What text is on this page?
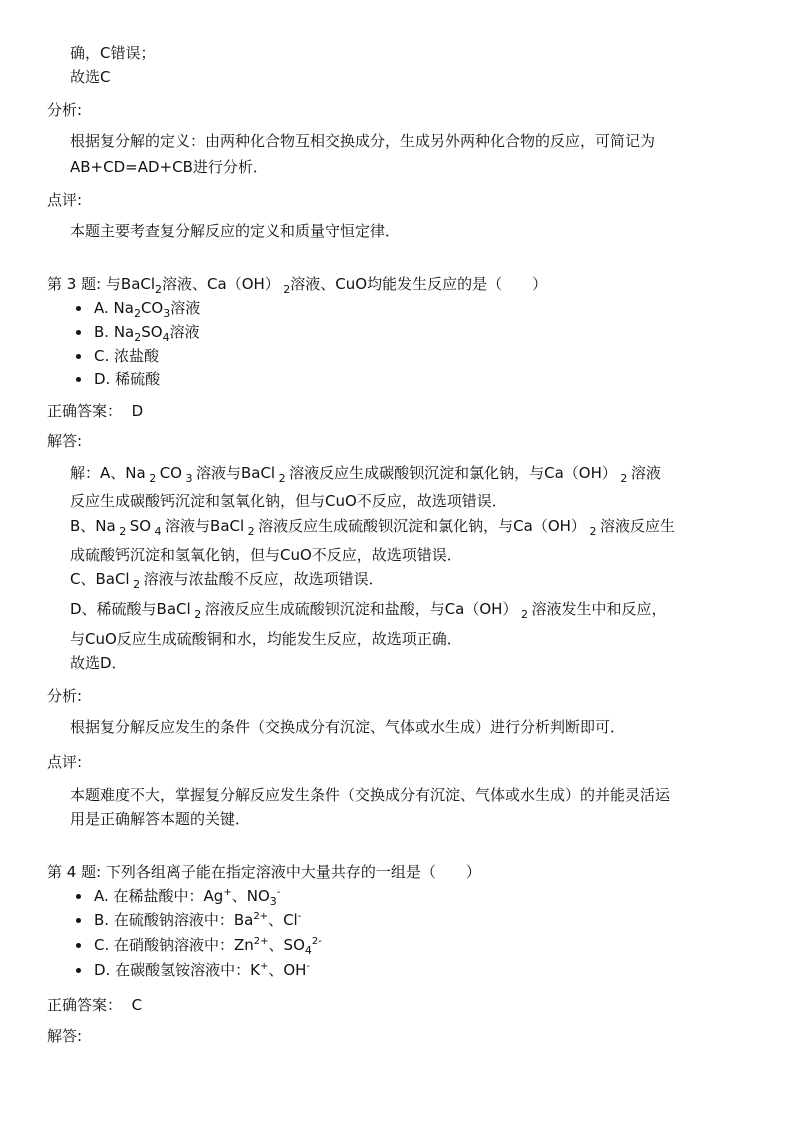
确，C错误；
故选C
分析:
根据复分解的定义：由两种化合物互相交换成分，生成另外两种化合物的反应，可简记为
AB+CD=AD+CB进行分析．
点评:
本题主要考查复分解反应的定义和质量守恒定律．
第 3 题: 与BaCl$_2$溶液、Ca（OH） $_2$溶液、CuO均能发生反应的是（　　）
A. $Na_2CO_3$溶液
B. $Na_2SO_4$溶液
C. 浓盐酸
D. 稀硫酸
正确答案： D
解答:
解：A、Na $_2$ CO $_3$ 溶液与BaCl $_2$ 溶液反应生成碳酸钡沉淀和氯化钠，与Ca（OH） $_2$ 溶液
反应生成碳酸钙沉淀和氢氧化钠，但与CuO不反应，故选项错误．
B、Na $_2$ SO $_4$ 溶液与BaCl $_2$ 溶液反应生成硫酸钡沉淀和氯化钠，与Ca（OH） $_2$ 溶液反应生
成硫酸钙沉淀和氢氧化钠，但与CuO不反应，故选项错误．
C、BaCl $_2$ 溶液与浓盐酸不反应，故选项错误．
D、稀硫酸与BaCl $_2$ 溶液反应生成硫酸钡沉淀和盐酸，与Ca（OH） $_2$ 溶液发生中和反应，
与CuO反应生成硫酸铜和水，均能发生反应，故选项正确．
故选D．
分析:
根据复分解反应发生的条件（交换成分有沉淀、气体或水生成）进行分析判断即可．
点评:
本题难度不大，掌握复分解反应发生条件（交换成分有沉淀、气体或水生成）的并能灵活运
用是正确解答本题的关键．
第 4 题: 下列各组离子能在指定溶液中大量共存的一组是（　　）
A. 在稀盐酸中：Ag+、$NO_3^-$
B. 在硫酸钠溶液中：$Ba^{2+}$、Cl-
C. 在硝酸钠溶液中：$Zn^{2+}$、$SO_4^{2-}$
D. 在碳酸氢铵溶液中：K+、OH-
正确答案： C
解答:
